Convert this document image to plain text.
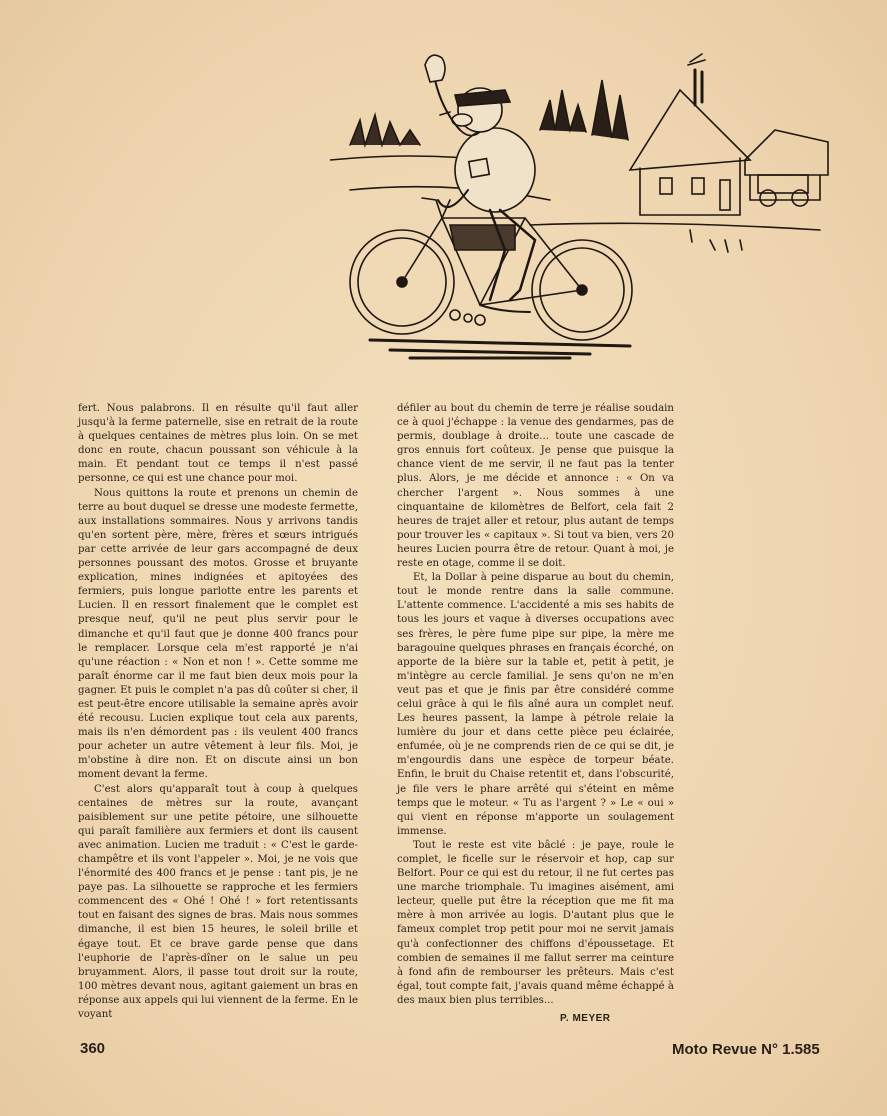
fert. Nous palabrons. Il en résulte qu'il faut aller jusqu'à la ferme paternelle, sise en retrait de la route à quelques centaines de mètres plus loin. On se met donc en route, chacun poussant son véhicule à la main. Et pendant tout ce temps il n'est passé personne, ce qui est une chance pour moi.

Nous quittons la route et prenons un chemin de terre au bout duquel se dresse une modeste fermette, aux installations sommaires. Nous y arrivons tandis qu'en sortent père, mère, frères et sœurs intrigués par cette arrivée de leur gars accompagné de deux personnes poussant des motos. Grosse et bruyante explication, mines indignées et apitoyées des fermiers, puis longue parlotte entre les parents et Lucien. Il en ressort finalement que le complet est presque neuf, qu'il ne peut plus servir pour le dimanche et qu'il faut que je donne 400 francs pour le remplacer. Lorsque cela m'est rapporté je n'ai qu'une réaction : « Non et non ! ». Cette somme me paraît énorme car il me faut bien deux mois pour la gagner. Et puis le complet n'a pas dû coûter si cher, il est peut-être encore utilisable la semaine après avoir été recousu. Lucien explique tout cela aux parents, mais ils n'en démordent pas : ils veulent 400 francs pour acheter un autre vêtement à leur fils. Moi, je m'obstine à dire non. Et on discute ainsi un bon moment devant la ferme.

C'est alors qu'apparaît tout à coup à quelques centaines de mètres sur la route, avançant paisiblement sur une petite pétoire, une silhouette qui paraît familière aux fermiers et dont ils causent avec animation. Lucien me traduit : « C'est le garde-champêtre et ils vont l'appeler ». Moi, je ne vois que l'énormité des 400 francs et je pense : tant pis, je ne paye pas. La silhouette se rapproche et les fermiers commencent des « Ohé ! Ohé ! » fort retentissants tout en faisant des signes de bras. Mais nous sommes dimanche, il est bien 15 heures, le soleil brille et égaye tout. Et ce brave garde pense que dans l'euphorie de l'après-dîner on le salue un peu bruyamment. Alors, il passe tout droit sur la route, 100 mètres devant nous, agitant gaiement un bras en réponse aux appels qui lui viennent de la ferme. En le voyant

défiler au bout du chemin de terre je réalise soudain ce à quoi j'échappe : la venue des gendarmes, pas de permis, doublage à droite... toute une cascade de gros ennuis fort coûteux. Je pense que puisque la chance vient de me servir, il ne faut pas la tenter plus. Alors, je me décide et annonce : « On va chercher l'argent ». Nous sommes à une cinquantaine de kilomètres de Belfort, cela fait 2 heures de trajet aller et retour, plus autant de temps pour trouver les « capitaux ». Si tout va bien, vers 20 heures Lucien pourra être de retour. Quant à moi, je reste en otage, comme il se doit.

Et, la Dollar à peine disparue au bout du chemin, tout le monde rentre dans la salle commune. L'attente commence. L'accidenté a mis ses habits de tous les jours et vaque à diverses occupations avec ses frères, le père fume pipe sur pipe, la mère me baragouine quelques phrases en français écorché, on apporte de la bière sur la table et, petit à petit, je m'intègre au cercle familial. Je sens qu'on ne m'en veut pas et que je finis par être considéré comme celui grâce à qui le fils aîné aura un complet neuf. Les heures passent, la lampe à pétrole relaie la lumière du jour et dans cette pièce peu éclairée, enfumée, où je ne comprends rien de ce qui se dit, je m'engourdis dans une espèce de torpeur béate. Enfin, le bruit du Chaise retentit et, dans l'obscurité, je file vers le phare arrêté qui s'éteint en même temps que le moteur. « Tu as l'argent ? » Le « oui » qui vient en réponse m'apporte un soulagement immense.

Tout le reste est vite bâclé : je paye, roule le complet, le ficelle sur le réservoir et hop, cap sur Belfort. Pour ce qui est du retour, il ne fut certes pas une marche triomphale. Tu imagines aisément, ami lecteur, quelle put être la réception que me fit ma mère à mon arrivée au logis. D'autant plus que le fameux complet trop petit pour moi ne servit jamais qu'à confectionner des chiffons d'époussetage. Et combien de semaines il me fallut serrer ma ceinture à fond afin de rembourser les prêteurs. Mais c'est égal, tout compte fait, j'avais quand même échappé à des maux bien plus terribles...

P. MEYER
360	Moto Revue N° 1.585
